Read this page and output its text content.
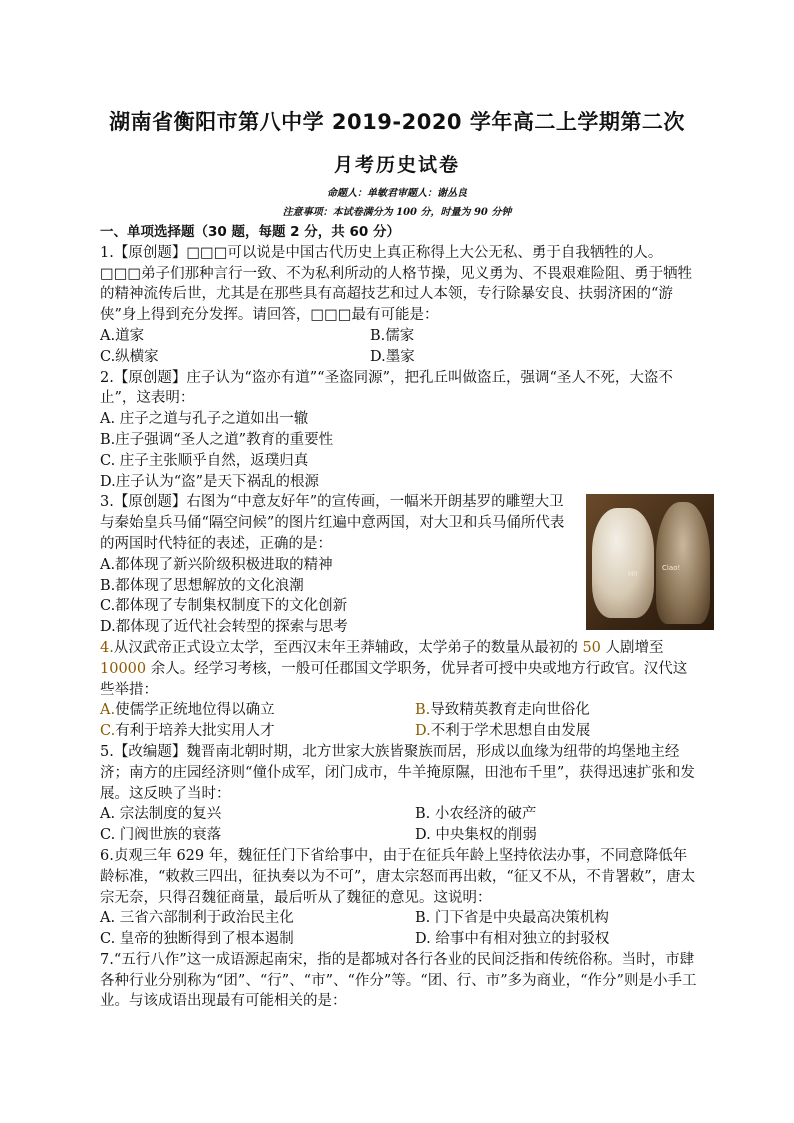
湖南省衡阳市第八中学 2019-2020 学年高二上学期第二次
月考历史试卷
命题人：单敏君审题人：谢丛良
注意事项：本试卷满分为 100 分，时量为 90 分钟

一、单项选择题（30 题，每题 2 分，共 60 分）

1.【原创题】□□□可以说是中国古代历史上真正称得上大公无私、勇于自我牺牲的人。□□□弟子们那种言行一致、不为私利所动的人格节操，见义勇为、不畏艰难险阻、勇于牺牲的精神流传后世，尤其是在那些具有高超技艺和过人本领，专行除暴安良、扶弱济困的“游侠”身上得到充分发挥。请回答，□□□最有可能是：

A.道家	B.儒家
C.纵横家	D.墨家

2.【原创题】庄子认为“盗亦有道”“圣盗同源”，把孔丘叫做盗丘，强调“圣人不死，大盗不止”，这表明：

A. 庄子之道与孔子之道如出一辙

B.庄子强调“圣人之道”教育的重要性

C. 庄子主张顺乎自然，返璞归真

D.庄子认为“盗”是天下祸乱的根源

3.【原创题】右图为“中意友好年”的宣传画，一幅米开朗基罗的雕塑大卫与秦始皇兵马俑“隔空问候”的图片红遍中意两国，对大卫和兵马俑所代表的两国时代特征的表述，正确的是：

A.都体现了新兴阶级积极进取的精神

B.都体现了思想解放的文化浪潮

C.都体现了专制集权制度下的文化创新

D.都体现了近代社会转型的探索与思考

Hi!
Ciao!

4.从汉武帝正式设立太学，至西汉末年王莽辅政，太学弟子的数量从最初的 50 人剧增至 10000 余人。经学习考核，一般可任郡国文学职务，优异者可授中央或地方行政官。汉代这些举措：

A.使儒学正统地位得以确立	B.导致精英教育走向世俗化
C.有利于培养大批实用人才	D.不利于学术思想自由发展

5.【改编题】魏晋南北朝时期，北方世家大族皆聚族而居，形成以血缘为纽带的坞堡地主经济；南方的庄园经济则“僮仆成军，闭门成市，牛羊掩原隰，田池布千里”，获得迅速扩张和发展。这反映了当时：

A. 宗法制度的复兴	B. 小农经济的破产
C. 门阀世族的衰落	D. 中央集权的削弱

6.贞观三年 629 年，魏征任门下省给事中，由于在征兵年龄上坚持依法办事，不同意降低年龄标准，“敕救三四出，征执奏以为不可”，唐太宗怒而再出敕，“征又不从，不肯署敕”，唐太宗无奈，只得召魏征商量，最后听从了魏征的意见。这说明：

A. 三省六部制利于政治民主化	B. 门下省是中央最高决策机构
C. 皇帝的独断得到了根本遏制	D. 给事中有相对独立的封驳权

7.“五行八作”这一成语源起南宋，指的是都城对各行各业的民间泛指和传统俗称。当时，市肆各种行业分别称为“团”、“行”、“市”、“作分”等。“团、行、市”多为商业，“作分”则是小手工业。与该成语出现最有可能相关的是：
